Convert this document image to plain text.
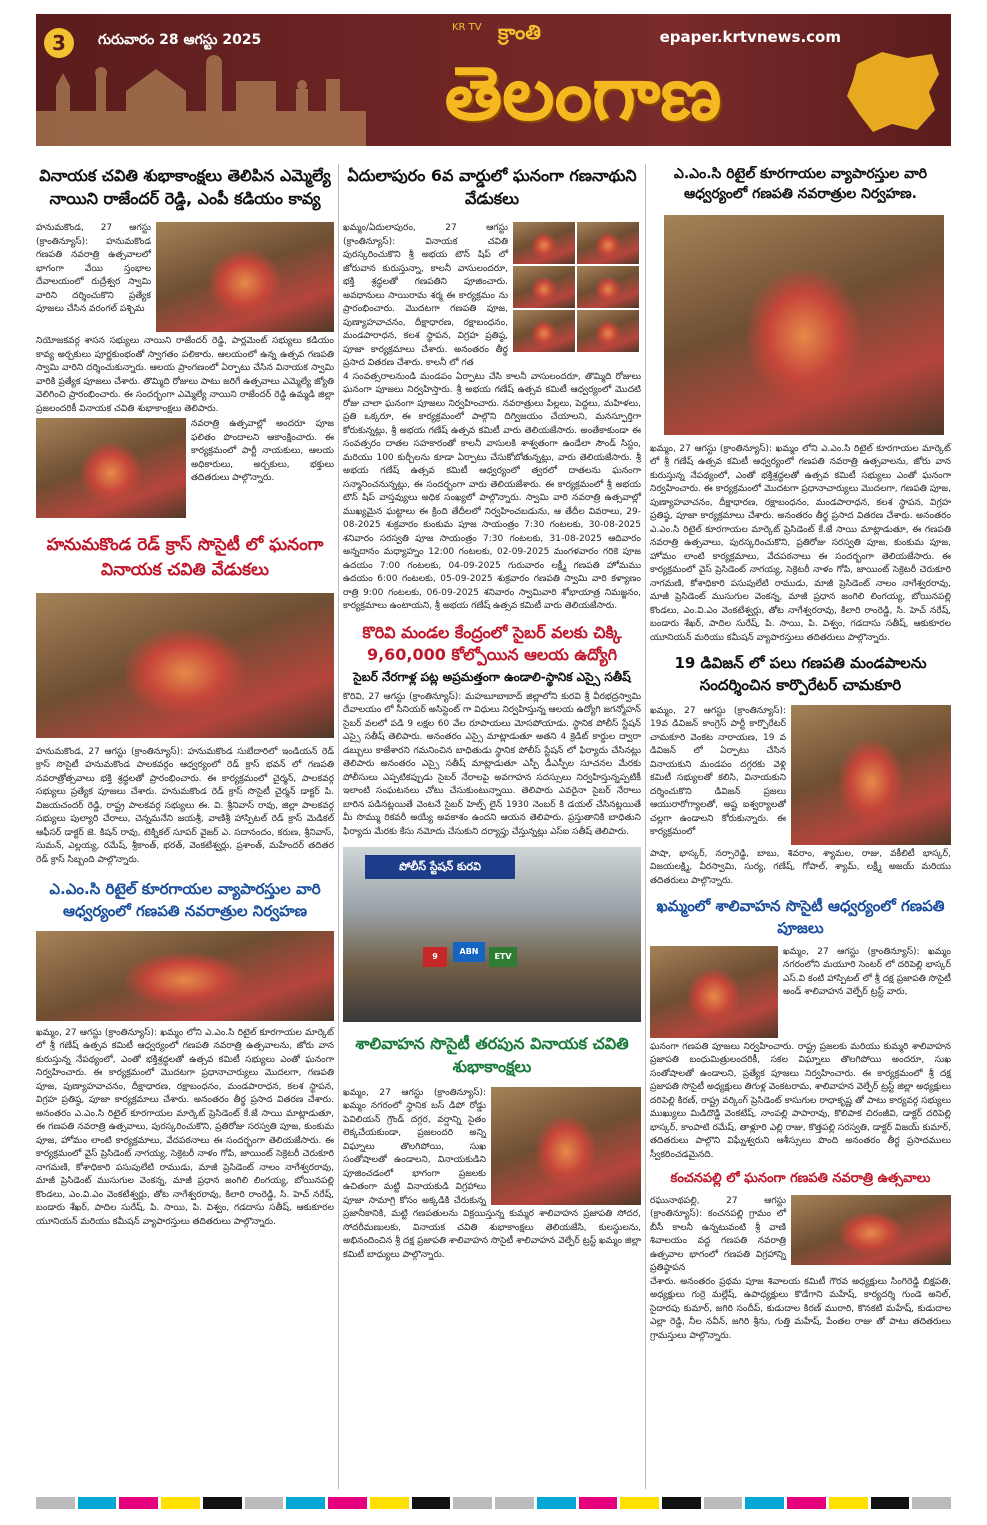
3	గురువారం 28 ఆగస్టు 2025
KR TV క్రాంతి
తెలంగాణ
epaper.krtvnews.com
వినాయక చవితి శుభాకాంక్షలు తెలిపిన ఎమ్మెల్యే నాయిని రాజేందర్ రెడ్డి, ఎంపీ కడియం కావ్య

హనుమకొండ, 27 ఆగస్టు (క్రాంతిన్యూస్): హనుమకొండ గణపతి నవరాత్రి ఉత్సవాలలో భాగంగా వేయి స్తంభాల దేవాలయంలో రుద్రేశ్వర స్వామి వారిని దర్శించుకొని ప్రత్యేక పూజలు చేసిన వరంగల్ పశ్చిమ

నియోజకవర్గ శాసన సభ్యులు నాయిని రాజేందర్ రెడ్డి, పార్లమెంట్ సభ్యులు కడియం కావ్య అర్చకులు పూర్ణకుంభంతో స్వాగతం పలికారు. ఆలయంలో ఉన్న ఉత్సవ గణపతి స్వామి వారిని దర్శించుకున్నారు. ఆలయ ప్రాంగణంలో ఏర్పాటు చేసిన వినాయక స్వామి వారికి ప్రత్యేక పూజలు చేశారు. తొమ్మిది రోజులు పాటు జరిగే ఉత్సవాలు ఎమ్మెల్యే జ్యోతి వెలిగించి ప్రారంభించారు. ఈ సందర్భంగా ఎమ్మెల్యే నాయిని రాజేందర్ రెడ్డి ఉమ్మడి జిల్లా ప్రజలందరికీ వినాయక చవితి శుభాకాంక్షలు తెలిపారు.

నవరాత్రి ఉత్సవాల్లో అందరూ పూజ ఫలితం పొందాలని ఆకాంక్షించారు. ఈ కార్యక్రమంలో పార్టీ నాయకులు, ఆలయ అధికారులు, అర్చకులు, భక్తులు తదితరులు పాల్గొన్నారు.

హనుమకొండ రెడ్ క్రాస్ సొసైటీ లో ఘనంగా వినాయక చవితి వేడుకలు

హనుమకొండ, 27 ఆగస్టు (క్రాంతిన్యూస్): హనుమకొండ సుబేదారిలో ఇండియన్ రెడ్ క్రాస్ సొసైటీ హనుమకొండ పాలకవర్గం ఆధ్వర్యంలో రెడ్ క్రాస్ భవన్ లో గణపతి నవరాత్రోత్సవాలు భక్తి శ్రద్ధలతో ప్రారంభించారు. ఈ కార్యక్రమంలో చైర్మన్, పాలకవర్గ సభ్యులు ప్రత్యేక పూజలు చేశారు. హనుమకొండ రెడ్ క్రాస్ సొసైటీ చైర్మన్ డాక్టర్ పి. విజయచందర్ రెడ్డి, రాష్ట్ర పాలకవర్గ సభ్యులు ఈ. వి. శ్రీనివాస్ రావు, జిల్లా పాలకవర్గ సభ్యులు పుల్యారి చేరాలు, చెన్నమనేని జయశ్రీ, వాణిశ్రీ హాస్పిటల్ రెడ్ క్రాస్ మెడికల్ ఆఫీసర్ డాక్టర్ జె. కిషన్ రావు, టెక్నికల్ సూపర్ వైజర్ ఎ. సదానందం, కరుణ, శ్రీనివాస్, సుమన్, ఎల్లయ్య, రమేష్, శ్రీకాంత్, భరత్, వెంకటేశ్వర్లు, ప్రశాంత్, మహేందర్ తదితర రెడ్ క్రాస్ సిబ్బంది పాల్గొన్నారు.

ఎ.ఎం.సి రిటైల్ కూరగాయల వ్యాపారస్తుల వారి ఆధ్వర్యంలో గణపతి నవరాత్రుల నిర్వహణ

ఖమ్మం, 27 ఆగస్టు (క్రాంతిన్యూస్): ఖమ్మం లోని ఎ.ఎం.సి రిటైల్ కూరగాయల మార్కెట్ లో శ్రీ గణేష్ ఉత్సవ కమిటీ ఆధ్వర్యంలో గణపతి నవరాత్రి ఉత్సవాలను, జోరు వాన కురుస్తున్న నేపథ్యంలో, ఎంతో భక్తిశ్రద్ధలతో ఉత్సవ కమిటీ సభ్యులు ఎంతో ఘనంగా నిర్వహించారు. ఈ కార్యక్రమంలో మొదటగా ప్రధానాచార్యులు మొదలగా, గణపతి పూజ, పుణ్యాహవాచనం, దీక్షాధారణ, రక్షాబంధనం, మండపారాధన, కలశ స్థాపన, విగ్రహ ప్రతిష్ఠ, పూజా కార్యక్రమాలు చేశారు. అనంతరం తీర్థ ప్రసాద వితరణ చేశారు. అనంతరం ఎ.ఎం.సి రిటైల్ కూరగాయల మార్కెట్ ప్రెసిడెంట్ కే.జే సాయి మాట్లాడుతూ, ఈ గణపతి నవరాత్రి ఉత్సవాలు, పురస్కరించుకొని, ప్రతిరోజు సరస్వతి పూజ, కుంకుమ పూజ, హోమం లాంటి కార్యక్రమాలు, వేదపఠనాలు ఈ సందర్భంగా తెలియజేసారు. ఈ కార్యక్రమంలో వైస్ ప్రెసిడెంట్ నాగయ్య, సెక్రెటరీ నాళం గోపి, జాయింట్ సెక్రెటరీ చెరుకూరి నాగమణి, కోశాధికారి పసుపులేటి రాముడు, మాజీ ప్రెసిడెంట్ నాలం నాగేశ్వరరావు, మాజీ ప్రెసిడెంట్ ముసుగుల వెంకన్న, మాజీ ప్రధాన జంగిలి లింగయ్య, బోయినపల్లి కొండలు, ఎం.వి.ఎం వెంకటేశ్వర్లు, తోట నాగేశ్వరరావు, కిలారి రాంరెడ్డి, సి. హెచ్ నరేష్, బండారు శేఖర్, పాదిల సురేష్, పి. సాయి, పి. విశ్వం, గడదాసు సతీష్, ఆకుకూరల యూనియన్ మరియు కమీషన్ వ్యాపారస్తులు తదితరులు పాల్గొన్నారు.

ఏదులాపురం 6వ వార్డులో ఘనంగా గణనాథుని వేడుకలు

ఖమ్మం/ఏదులాపురం, 27 ఆగస్టు (క్రాంతిన్యూస్): వినాయక చవితి పురస్కరించుకొని శ్రీ అభయ టౌన్ షిప్ లో జోరువాన కురుస్తున్నా, కాలనీ వాసులందరూ, భక్తి శ్రద్ధలతో గణపతిని పూజించారు. అవధానులు సాయిరామ శర్మ ఈ కార్యక్రమం ను ప్రారంభించారు. మొదటగా గణపతి పూజ, పుణ్యాహవాచనం, దీక్షాధారణ, రక్షాబంధనం, మండపారాధన, కలశ స్థాపన, విగ్రహ ప్రతిష్ఠ, పూజా కార్యక్రమాలు చేశారు. అనంతరం తీర్థ ప్రసాద వితరణ చేశారు. కాలనీ లో గత

4 సంవత్సరాలనుండి మండపం ఏర్పాటు చేసి కాలనీ వాసులందరూ, తొమ్మిది రోజులు ఘనంగా పూజలు నిర్వహిస్తారు. శ్రీ అభయ గణేష్ ఉత్సవ కమిటీ ఆధ్వర్యంలో మొదటి రోజు చాలా ఘనంగా పూజలు నిర్వహించారు. నవరాత్రులు పిల్లలు, పెద్దలు, మహిళలు, ప్రతి ఒక్కరూ, ఈ కార్యక్రమంలో పాల్గొని దిగ్విజయం చేయాలని, మనస్ఫూర్తిగా కోరుకున్నట్లు, శ్రీ అభయ గణేష్ ఉత్సవ కమిటీ వారు తెలియజేసారు. అంతేకాకుండా ఈ సంవత్సరం దాతల సహకారంతో కాలనీ వాసులకి శాశ్వతంగా ఉండేలా సౌండ్ సిస్టం, మరియు 100 కుర్చీలను కూడా ఏర్పాటు చేసుకోబోతున్నట్లు, వారు తెలియజేసారు. శ్రీ అభయ గణేష్ ఉత్సవ కమిటీ ఆధ్వర్యంలో త్వరలో దాతలను ఘనంగా సన్మానించనున్నట్లు, ఈ సందర్భంగా వారు తెలియజేశారు. ఈ కార్యక్రమంలో శ్రీ అభయ టౌన్ షిప్ వాస్తవ్యులు అధిక సంఖ్యలో పాల్గొన్నారు. స్వామి వారి నవరాత్రి ఉత్సవాల్లో ముఖ్యమైన ఘట్టాలు ఈ క్రింది తేదీలలో నిర్వహించబడును, ఆ తేదీల వివరాలు, 29-08-2025 శుక్రవారం కుంకుమ పూజ సాయంత్రం 7:30 గంటలకు, 30-08-2025 శనివారం సరస్వతి పూజ సాయంత్రం 7:30 గంటలకు, 31-08-2025 ఆదివారం అన్నదానం మధ్యాహ్నం 12:00 గంటలకు, 02-09-2025 మంగళవారం గరికె పూజ ఉదయం 7:00 గంటలకు, 04-09-2025 గురువారం లక్ష్మీ గణపతి హోమము ఉదయం 6:00 గంటలకు, 05-09-2025 శుక్రవారం గణపతి స్వామి వారి కళ్యాణం రాత్రి 9:00 గంటలకు, 06-09-2025 శనివారం స్వామివారి శోభాయాత్ర నిమజ్జనం, కార్యక్రమాలు ఉంటాయని, శ్రీ అభయ గణేష్ ఉత్సవ కమిటీ వారు తెలియజేసారు.

కొరివి మండల కేంద్రంలో సైబర్ వలకు చిక్కి 9,60,000 కోల్పోయిన ఆలయ ఉద్యోగి
సైబర్ నేరగాళ్ల పట్ల అప్రమత్తంగా ఉండాలి-స్థానిక ఎస్సై సతీష్

కొరివి, 27 ఆగస్టు (క్రాంతిన్యూస్): మహబూబాబాద్ జిల్లాలోని కురవి శ్రీ వీరభద్రస్వామి దేవాలయం లో సీనియర్ అసిస్టెంట్ గా విధులు నిర్వహిస్తున్న ఆలయ ఉద్యోగి జగన్మోహన్ సైబర్ వలలో పడి 9 లక్షల 60 వేల రూపాయలు మోసపోయాడు. స్థానిక పోలీస్ స్టేషన్ ఎస్సై సతీష్ తెలిపారు. అనంతరం ఎస్సై మాట్లాడుతూ అతని 4 క్రెడిట్ కార్డుల ద్వారా డబ్బులు కాజేశారని గమనించిన బాధితుడు స్థానిక పోలీస్ స్టేషన్ లో ఫిర్యాదు చేసినట్లు తెలిపారు అనంతరం ఎస్సై సతీష్ మాట్లాడుతూ ఎస్పీ డీఎస్పీల సూచనల మేరకు పోలీసులు ఎప్పటికప్పుడు సైబర్ నేరాలపై అవగాహన సదస్సులు నిర్వహిస్తున్నప్పటికీ ఇలాంటి సంఘటనలు చోటు చేసుకుంటున్నాయి. తెలిపారు ఎవరైనా సైబర్ నేరాలు బారిన పడినట్లయితే వెంటనే సైబర్ హెల్ప్ లైన్ 1930 నెంబర్ కి డయల్ చేసినట్లయితే మీ సొమ్ము రికవరీ అయ్యే అవకాశం ఉందని ఆయన తెలిపారు. ప్రస్తుతానికి బాధితుని ఫిర్యాదు మేరకు కేసు నమోదు చేసుకుని దర్యాప్తు చేస్తున్నట్లు ఎస్ఐ సతీష్ తెలిపారు.

పోలీస్ స్టేషన్ కురవి
ABN
ETV
9
శాలివాహన సొసైటీ తరపున వినాయక చవితి శుభాకాంక్షలు

ఖమ్మం, 27 ఆగస్టు (క్రాంతిన్యూస్): ఖమ్మం నగరంలో స్థానిక బస్ డిపో రోడ్డు పెవిలియన్ గ్రౌండ్ దగ్గర, వర్షాన్ని సైతం లెక్కచేయకుండా, ప్రజలందరి అన్ని విఘ్నాలు తొలగిపోయి, సుఖ సంతోషాలతో ఉండాలని, వినాయకుడిని పూజించడంలో భాగంగా ప్రజలకు ఉచితంగా మట్టి వినాయకుడి విగ్రహాలు పూజా సామాగ్రి కోసం అక్కడికి చేరుకున్న ప్రజానీకానికి, మట్టి గణపతులను విక్రయిస్తున్న కుమ్మర శాలివాహన ప్రజాపతి సోదర, సోదరీమణులకు, వినాయక చవితి శుభాకాంక్షలు తెలియజేసి, కులస్థులను, అభినందించిన శ్రీ దక్ష ప్రజాపతి శాలివాహన సొసైటీ శాలివాహన వెల్ఫేర్ ట్రస్ట్ ఖమ్మం జిల్లా కమిటీ బాధ్యులు పాల్గొన్నారు.

ఎ.ఎం.సి రిటైల్ కూరగాయల వ్యాపారస్తుల వారి ఆధ్వర్యంలో గణపతి నవరాత్రుల నిర్వహణ.

ఖమ్మం, 27 ఆగస్టు (క్రాంతిన్యూస్): ఖమ్మం లోని ఎ.ఎం.సి రిటైల్ కూరగాయల మార్కెట్ లో శ్రీ గణేష్ ఉత్సవ కమిటీ ఆధ్వర్యంలో గణపతి నవరాత్రి ఉత్సవాలను, జోరు వాన కురుస్తున్న నేపథ్యంలో, ఎంతో భక్తిశ్రద్ధలతో ఉత్సవ కమిటీ సభ్యులు ఎంతో ఘనంగా నిర్వహించారు. ఈ కార్యక్రమంలో మొదటగా ప్రధానాచార్యులు మొదలగా, గణపతి పూజ, పుణ్యాహవాచనం, దీక్షాధారణ, రక్షాబంధనం, మండపారాధన, కలశ స్థాపన, విగ్రహ ప్రతిష్ఠ, పూజా కార్యక్రమాలు చేశారు. అనంతరం తీర్థ ప్రసాద వితరణ చేశారు. అనంతరం ఎ.ఎం.సి రిటైల్ కూరగాయల మార్కెట్ ప్రెసిడెంట్ కే.జే సాయి మాట్లాడుతూ, ఈ గణపతి నవరాత్రి ఉత్సవాలు, పురస్కరించుకొని, ప్రతిరోజు సరస్వతి పూజ, కుంకుమ పూజ, హోమం లాంటి కార్యక్రమాలు, వేదపఠనాలు ఈ సందర్భంగా తెలియజేసారు. ఈ కార్యక్రమంలో వైస్ ప్రెసిడెంట్ నాగయ్య, సెక్రెటరీ నాళం గోపి, జాయింట్ సెక్రెటరీ చెరుకూరి నాగమణి, కోశాధికారి పసుపులేటి రాముడు, మాజీ ప్రెసిడెంట్ నాలం నాగేశ్వరరావు, మాజీ ప్రెసిడెంట్ ముసుగుల వెంకన్న, మాజీ ప్రధాన జంగిలి లింగయ్య, బోయినపల్లి కొండలు, ఎం.వి.ఎం వెంకటేశ్వర్లు, తోట నాగేశ్వరరావు, కిలారి రాంరెడ్డి, సి. హెచ్ నరేష్, బండారు శేఖర్, పాదిల సురేష్, పి. సాయి, పి. విశ్వం, గడదాసు సతీష్, ఆకుకూరల యూనియన్ మరియు కమీషన్ వ్యాపారస్తులు తదితరులు పాల్గొన్నారు.

19 డివిజన్ లో పలు గణపతి మండపాలను సందర్శించిన కార్పొరేటర్ చామకూరి

ఖమ్మం, 27 ఆగస్టు (క్రాంతిన్యూస్): 19వ డివిజన్ కాంగ్రెస్ పార్టీ కార్పొరేటర్ చామకూరి వెంకట నారాయణ, 19 వ డివిజన్ లో ఏర్పాటు చేసిన వినాయకుని మండపం దగ్గరకు వెళ్లి కమిటీ సభ్యులతో కలిసి, వినాయకుని దర్శించుకొని డివిజన్ ప్రజలు ఆయురారోగ్యాలతో, అష్ట ఐశ్వర్యాలతో చల్లగా ఉండాలని కోరుకున్నారు. ఈ కార్యక్రమంలో

పాషా, భాస్కర్, నర్సారెడ్డి, బాబు, శివరాం, శ్యామల, రాజు, వకీలిటీ భాస్కర్, విజయలక్ష్మి, వీరస్వామి, సుర్య, గణేష్, గోపాల్, శ్యామ్, లక్ష్మీ అజయ్ మరియు తదితరులు పాల్గొన్నారు.

ఖమ్మంలో శాలివాహన సొసైటీ ఆధ్వర్యంలో గణపతి పూజలు

ఖమ్మం, 27 ఆగస్టు (క్రాంతిన్యూస్): ఖమ్మం నగరంలోని మయూరి సెంటర్ లో దరిపెల్లి భాస్కర్ ఎస్.వి కంటి హాస్పిటల్ లో శ్రీ దక్ష ప్రజాపతి సొసైటీ అండ్ శాలివాహన వెల్ఫేర్ ట్రస్ట్ వారు,

ఘనంగా గణపతి పూజలు నిర్వహించారు. రాష్ట్ర ప్రజలకు మరియు కుమ్మరి శాలివాహన ప్రజాపతి బంధుమిత్రులందరికీ, సకల విఘ్నాలు తొలగిపోయి అందరూ, సుఖ సంతోషాలతో ఉండాలని, ప్రత్యేక పూజలు నిర్వహించారు. ఈ కార్యక్రమంలో శ్రీ దక్ష ప్రజాపతి సొసైటీ అధ్యక్షులు తిగుళ్ల వెంకటరామ, శాలివాహన వెల్ఫేర్ ట్రస్ట్ జిల్లా అధ్యక్షులు దరిపెల్లి కిరణ్, రాష్ట్ర వర్కింగ్ ప్రెసిడెంట్ కాసుగుల రాధాకృష్ణ తో పాటు కార్యవర్గ సభ్యులు ముఖ్యులు మిడిదొడ్డి వెంకటేష్, నాంపల్లి పాపారావు, కొలిపాక చిరంజీవి, డాక్టర్ దరిపెల్లి భాస్కర్, కాంపాటి రమేష్, తాళ్లూరి ఎల్లి రాజు, కొత్తపల్లి సరస్వతి, డాక్టర్ విజయ్ కుమార్, తదితరులు పాల్గొని విఘ్నేశ్వరుని ఆశీస్సులు పొంది అనంతరం తీర్థ ప్రసాదములు స్వీకరించడమైనది.

కంచనపల్లి లో ఘనంగా గణపతి నవరాత్రి ఉత్సవాలు

రఘునాథపల్లి, 27 ఆగస్టు (క్రాంతిన్యూస్): కంచనపల్లి గ్రామం లో బీసీ కాలనీ ఉన్నటువంటి శ్రీ వాణి శివాలయం వద్ద గణపతి నవరాత్రి ఉత్సవాల భాగంలో గణపతి విగ్రహాన్ని ప్రతిష్ఠాపన

చేశారు. అనంతరం ప్రథమ పూజ శివాలయ కమిటీ గౌరవ అధ్యక్షులు సింగిరెడ్డి బిక్షపతి, అధ్యక్షులు గుర్రె మల్లేష్, ఉపాధ్యక్షులు కొడేగాని మహేష్, కార్యదర్శి గుండె అనిల్, సైదారపు కుమార్, జగిరి సందీప్, కుడుదాల కిరణ్ మురారి, కొనకటి మహేష్, కుడుదాల ఎల్లా రెడ్డి, నీల నవీన్, జగిరి శ్రీను, గుత్తి మహేష్, పేంతల రాజు తో పాటు తదితరులు గ్రామస్తులు పాల్గొన్నారు.
